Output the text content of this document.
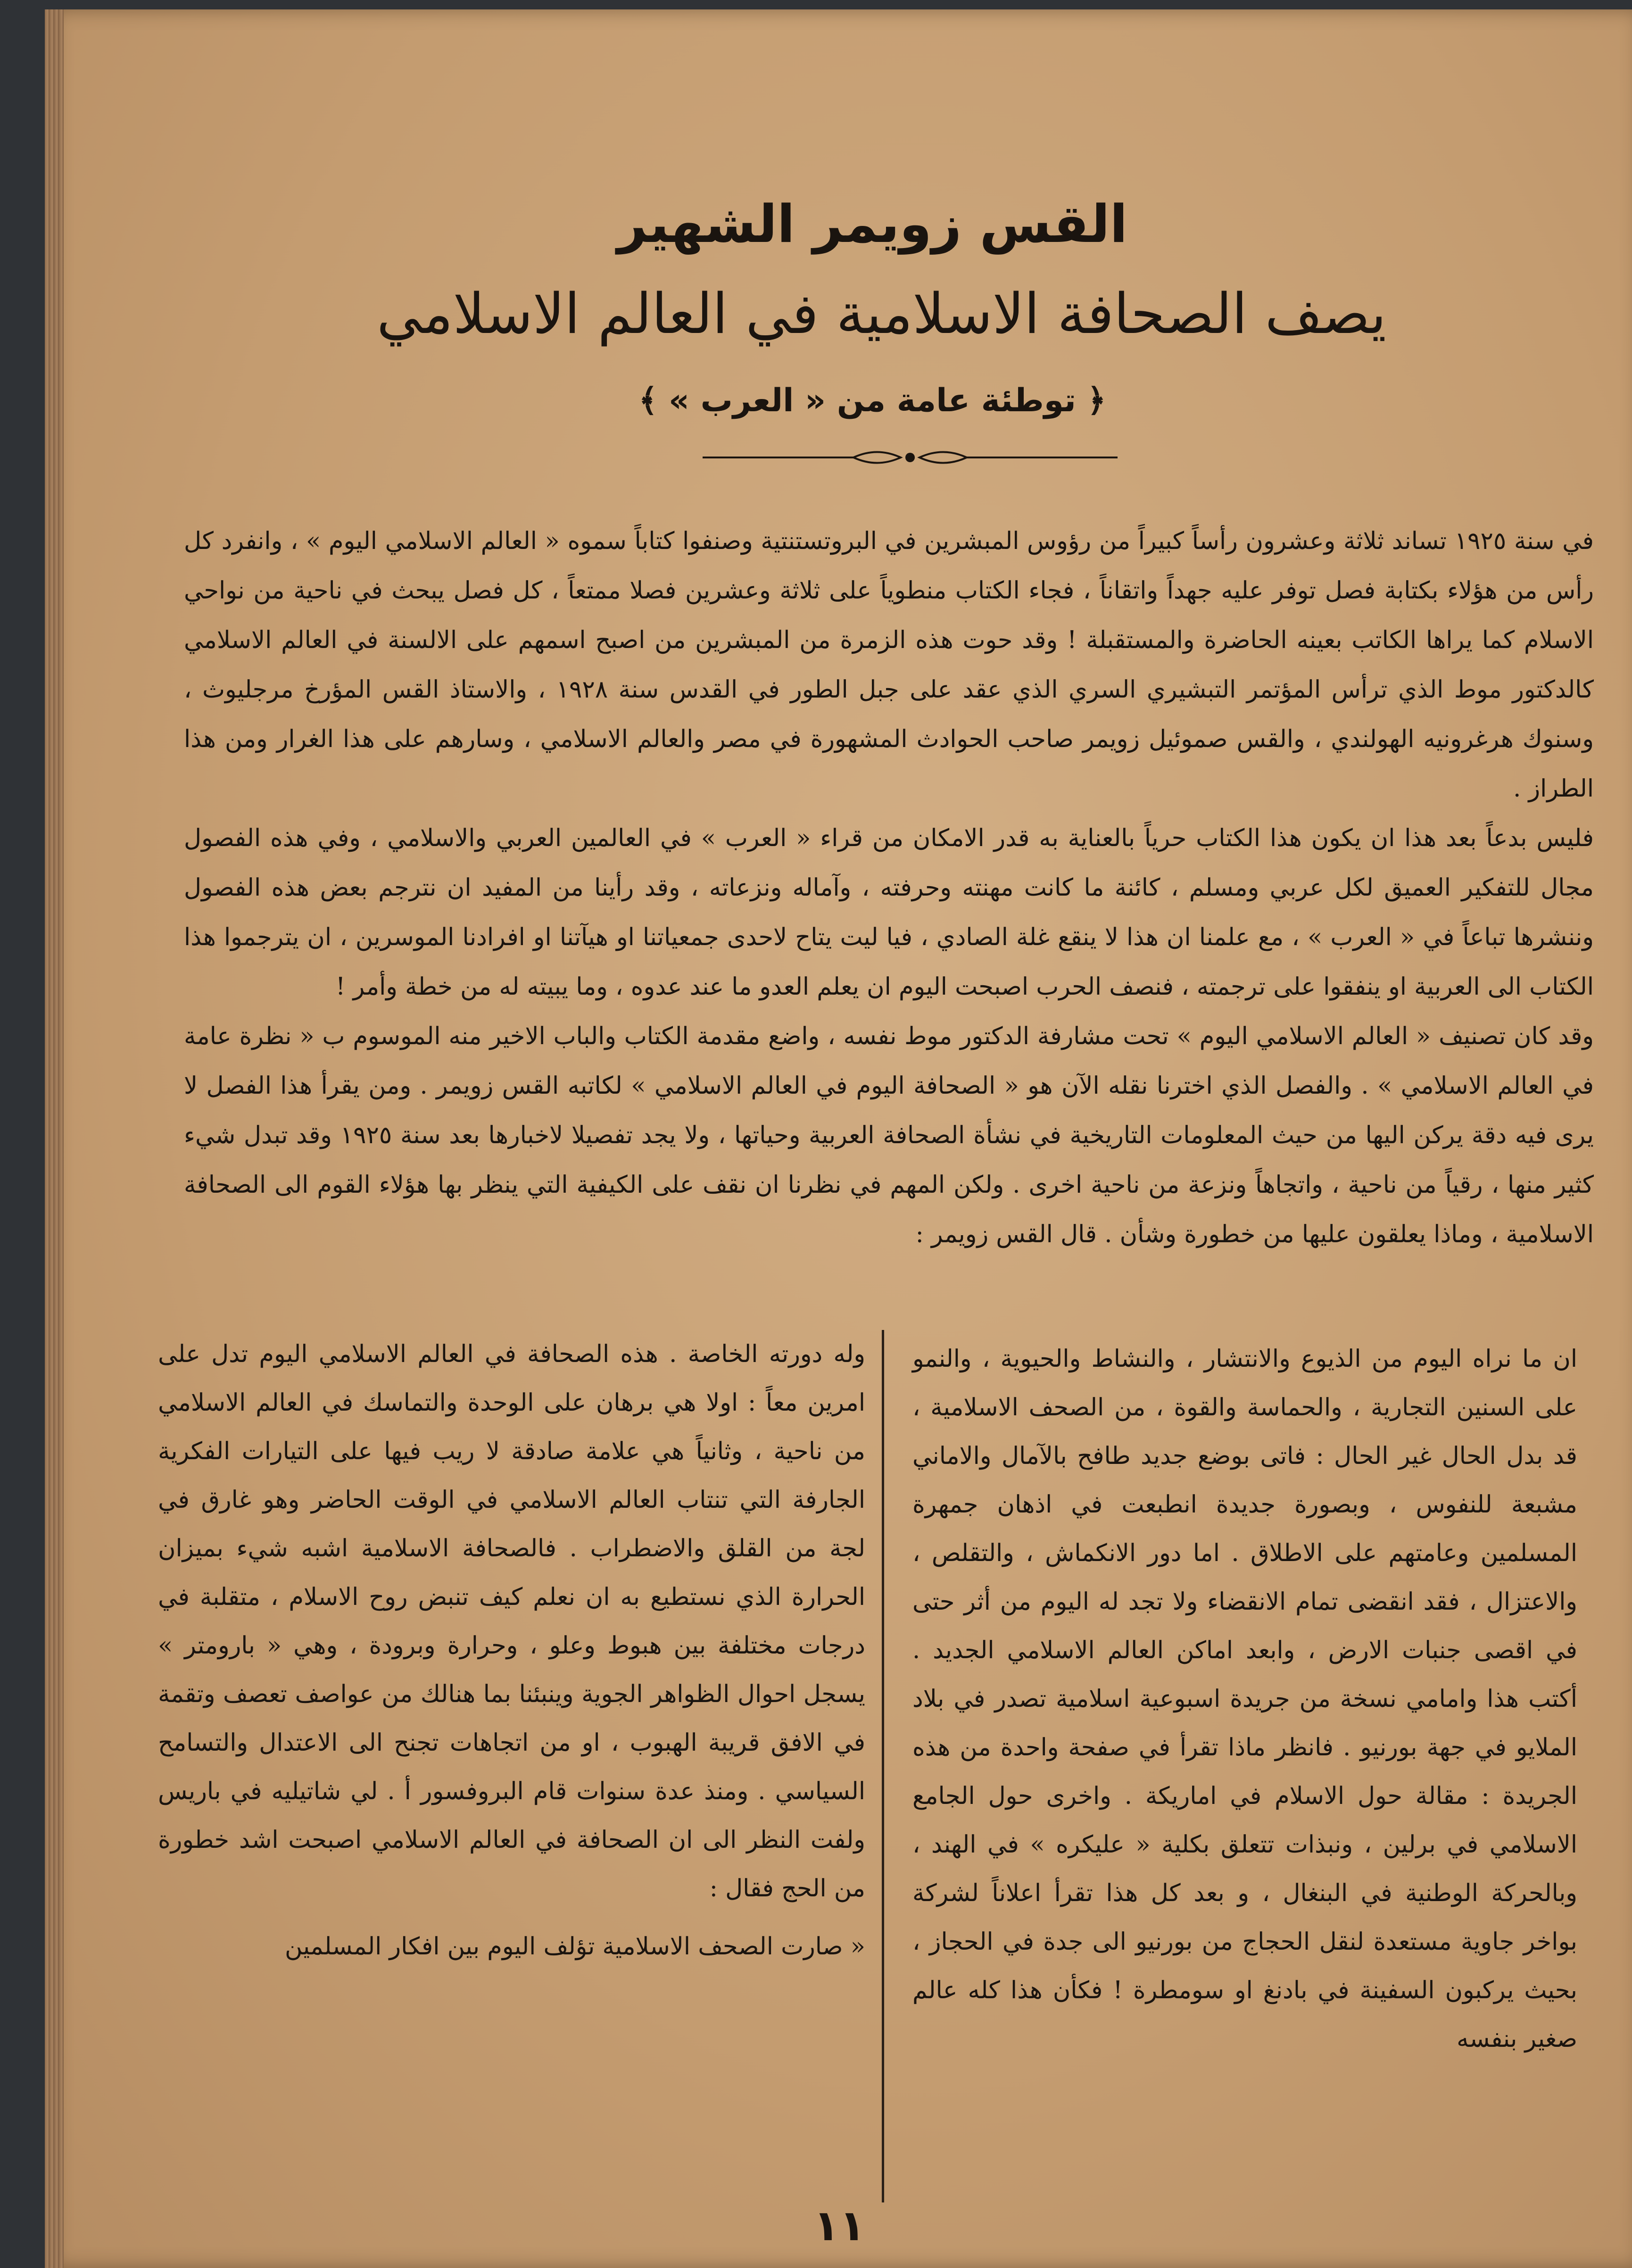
القس زويمر الشهير
يصف الصحافة الاسلامية في العالم الاسلامي
﴿ توطئة عامة من « العرب » ﴾

في سنة ١٩٢٥ تساند ثلاثة وعشرون رأساً كبيراً من رؤوس المبشرين في البروتستنتية وصنفوا كتاباً سموه « العالم الاسلامي اليوم » ، وانفرد كل رأس من هؤلاء بكتابة فصل توفر عليه جهداً واتقاناً ، فجاء الكتاب منطوياً على ثلاثة وعشرين فصلا ممتعاً ، كل فصل يبحث في ناحية من نواحي الاسلام كما يراها الكاتب بعينه الحاضرة والمستقبلة ! وقد حوت هذه الزمرة من المبشرين من اصبح اسمهم على الالسنة في العالم الاسلامي كالدكتور موط الذي ترأس المؤتمر التبشيري السري الذي عقد على جبل الطور في القدس سنة ١٩٢٨ ، والاستاذ القس المؤرخ مرجليوث ، وسنوك هرغرونيه الهولندي ، والقس صموئيل زويمر صاحب الحوادث المشهورة في مصر والعالم الاسلامي ، وسارهم على هذا الغرار ومن هذا الطراز .

فليس بدعاً بعد هذا ان يكون هذا الكتاب حرياً بالعناية به قدر الامكان من قراء « العرب » في العالمين العربي والاسلامي ، وفي هذه الفصول مجال للتفكير العميق لكل عربي ومسلم ، كائنة ما كانت مهنته وحرفته ، وآماله ونزعاته ، وقد رأينا من المفيد ان نترجم بعض هذه الفصول وننشرها تباعاً في « العرب » ، مع علمنا ان هذا لا ينقع غلة الصادي ، فيا ليت يتاح لاحدى جمعياتنا او هيآتنا او افرادنا الموسرين ، ان يترجموا هذا الكتاب الى العربية او ينفقوا على ترجمته ، فنصف الحرب اصبحت اليوم ان يعلم العدو ما عند عدوه ، وما يبيته له من خطة وأمر !

وقد كان تصنيف « العالم الاسلامي اليوم » تحت مشارفة الدكتور موط نفسه ، واضع مقدمة الكتاب والباب الاخير منه الموسوم ب « نظرة عامة في العالم الاسلامي » . والفصل الذي اخترنا نقله الآن هو « الصحافة اليوم في العالم الاسلامي » لكاتبه القس زويمر . ومن يقرأ هذا الفصل لا يرى فيه دقة يركن اليها من حيث المعلومات التاريخية في نشأة الصحافة العربية وحياتها ، ولا يجد تفصيلا لاخبارها بعد سنة ١٩٢٥ وقد تبدل شيء كثير منها ، رقياً من ناحية ، واتجاهاً ونزعة من ناحية اخرى . ولكن المهم في نظرنا ان نقف على الكيفية التي ينظر بها هؤلاء القوم الى الصحافة الاسلامية ، وماذا يعلقون عليها من خطورة وشأن . قال القس زويمر :

ان ما نراه اليوم من الذيوع والانتشار ، والنشاط والحيوية ، والنمو على السنين التجارية ، والحماسة والقوة ، من الصحف الاسلامية ، قد بدل الحال غير الحال : فاتى بوضع جديد طافح بالآمال والاماني مشبعة للنفوس ، وبصورة جديدة انطبعت في اذهان جمهرة المسلمين وعامتهم على الاطلاق . اما دور الانكماش ، والتقلص ، والاعتزال ، فقد انقضى تمام الانقضاء ولا تجد له اليوم من أثر حتى في اقصى جنبات الارض ، وابعد اماكن العالم الاسلامي الجديد . أكتب هذا وامامي نسخة من جريدة اسبوعية اسلامية تصدر في بلاد الملايو في جهة بورنيو . فانظر ماذا تقرأ في صفحة واحدة من هذه الجريدة : مقالة حول الاسلام في اماريكة . واخرى حول الجامع الاسلامي في برلين ، ونبذات تتعلق بكلية « عليكره » في الهند ، وبالحركة الوطنية في البنغال ، و بعد كل هذا تقرأ اعلاناً لشركة بواخر جاوية مستعدة لنقل الحجاج من بورنيو الى جدة في الحجاز ، بحيث يركبون السفينة في بادنغ او سومطرة ! فكأن هذا كله عالم صغير بنفسه

وله دورته الخاصة . هذه الصحافة في العالم الاسلامي اليوم تدل على امرين معاً : اولا هي برهان على الوحدة والتماسك في العالم الاسلامي من ناحية ، وثانياً هي علامة صادقة لا ريب فيها على التيارات الفكرية الجارفة التي تنتاب العالم الاسلامي في الوقت الحاضر وهو غارق في لجة من القلق والاضطراب . فالصحافة الاسلامية اشبه شيء بميزان الحرارة الذي نستطيع به ان نعلم كيف تنبض روح الاسلام ، متقلبة في درجات مختلفة بين هبوط وعلو ، وحرارة وبرودة ، وهي « بارومتر » يسجل احوال الظواهر الجوية وينبئنا بما هنالك من عواصف تعصف وتقمة في الافق قريبة الهبوب ، او من اتجاهات تجنح الى الاعتدال والتسامح السياسي . ومنذ عدة سنوات قام البروفسور أ . لي شاتيليه في باريس ولفت النظر الى ان الصحافة في العالم الاسلامي اصبحت اشد خطورة من الحج فقال :

« صارت الصحف الاسلامية تؤلف اليوم بين افكار المسلمين

١١
